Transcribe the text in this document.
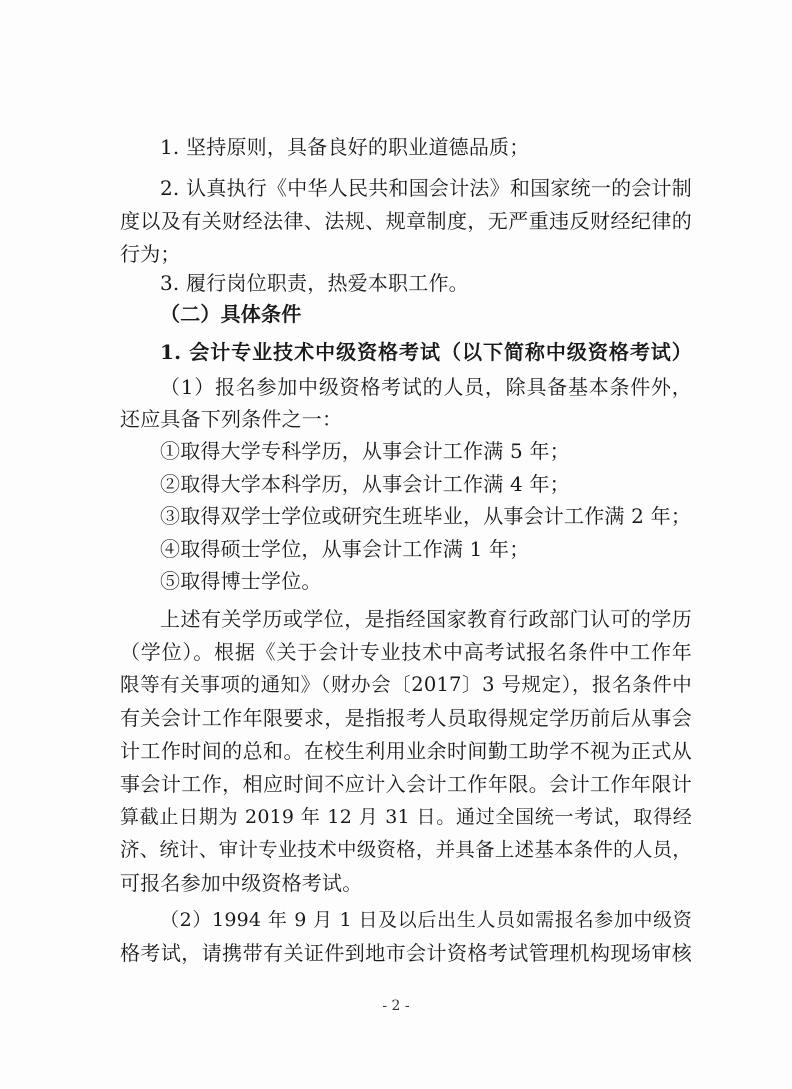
1. 坚持原则，具备良好的职业道德品质；
2. 认真执行《中华人民共和国会计法》和国家统一的会计制
度以及有关财经法律、法规、规章制度，无严重违反财经纪律的
行为；
3. 履行岗位职责，热爱本职工作。
（二）具体条件
1. 会计专业技术中级资格考试（以下简称中级资格考试）
（1）报名参加中级资格考试的人员，除具备基本条件外，
还应具备下列条件之一：
①取得大学专科学历，从事会计工作满 5 年；
②取得大学本科学历，从事会计工作满 4 年；
③取得双学士学位或研究生班毕业，从事会计工作满 2 年；
④取得硕士学位，从事会计工作满 1 年；
⑤取得博士学位。
上述有关学历或学位，是指经国家教育行政部门认可的学历
（学位）。根据《关于会计专业技术中高考试报名条件中工作年
限等有关事项的通知》（财办会〔2017〕3 号规定），报名条件中
有关会计工作年限要求，是指报考人员取得规定学历前后从事会
计工作时间的总和。在校生利用业余时间勤工助学不视为正式从
事会计工作，相应时间不应计入会计工作年限。会计工作年限计
算截止日期为 2019 年 12 月 31 日。通过全国统一考试，取得经
济、统计、审计专业技术中级资格，并具备上述基本条件的人员，
可报名参加中级资格考试。
（2）1994 年 9 月 1 日及以后出生人员如需报名参加中级资
格考试，请携带有关证件到地市会计资格考试管理机构现场审核
- 2 -
